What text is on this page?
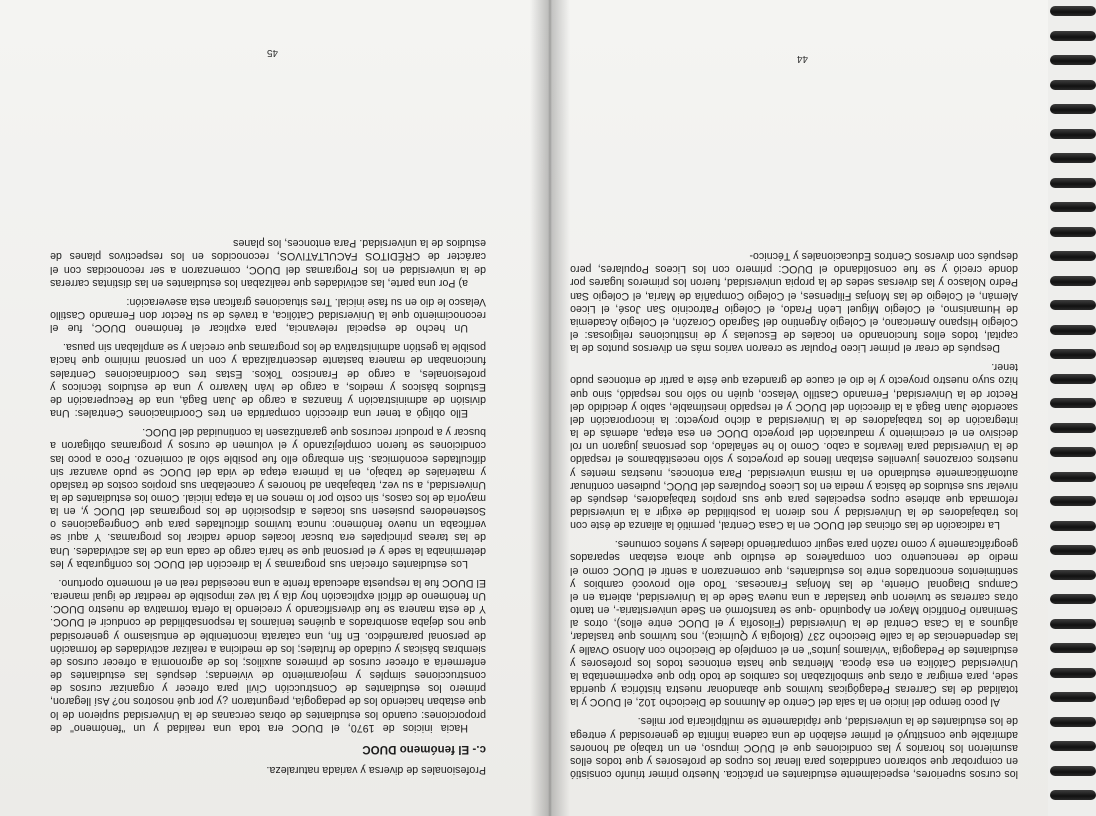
Profesionales de diversa y variada naturaleza.

c.- El fenómeno DUOC

Hacia inicios de 1970, el DUOC era toda una realidad y un "fenómeno" de proporciones: cuando los estudiantes de obras cercanas de la Universidad supieron de lo que estaban haciendo los de pedagogía, preguntaron ¿y por qué nosotros no? Así llegaron, primero los estudiantes de Construcción Civil para ofrecer y organizar cursos de construcciones simples y mejoramiento de viviendas; después las estudiantes de enfermería a ofrecer cursos de primeros auxilios; los de agronomía a ofrecer cursos de siembras básicas y cuidado de frutales; los de medicina a realizar actividades de formación de personal paramédico. En fin, una catarata incontenible de entusiasmo y generosidad que nos dejaba asombrados a quiénes teníamos la responsabilidad de conducir el DUOC. Y de esta manera se fue diversificando y creciendo la oferta formativa de nuestro DUOC. Un fenómeno de difícil explicación hoy día y tal vez imposible de reeditar de igual manera. El DUOC fue la respuesta adecuada frente a una necesidad real en el momento oportuno.

Los estudiantes ofrecían sus programas y la dirección del DUOC los configuraba y les determinaba la sede y el personal que se haría cargo de cada una de las actividades. Una de las tareas principales era buscar locales donde radicar los programas. Y aquí se verificaba un nuevo fenómeno: nunca tuvimos dificultades para que Congregaciones o Sostenedores pusiesen sus locales a disposición de los programas del DUOC y, en la mayoría de los casos, sin costo por lo menos en la etapa inicial. Como los estudiantes de la Universidad, a su vez, trabajaban ad honores y cancelaban sus propios costos de traslado y materiales de trabajo, en la primera etapa de vida del DUOC se pudo avanzar sin dificultades económicas. Sin embargo ello fue posible sólo al comienzo. Poco a poco las condiciones se fueron complejizando y el volumen de cursos y programas obligaron a buscar y a producir recursos que garantizasen la continuidad del DUOC.

Ello obligó a tener una dirección compartida en tres Coordinaciones Centrales: Una división de administración y finanzas a cargo de Juan Bagá, una de Recuperación de Estudios básicos y medios, a cargo de Iván Navarro y una de estudios técnicos y profesionales, a cargo de Francisco Tokos. Estas tres Coordinaciones Centrales funcionaban de manera bastante descentralizada y con un personal mínimo que hacía posible la gestión administrativa de los programas que crecían y se ampliaban sin pausa.

Un hecho de especial relevancia, para explicar el fenómeno DUOC, fue el reconocimiento que la Universidad Católica, a través de su Rector don Fernando Castillo Velasco le dio en su fase inicial. Tres situaciones grafican esta aseveración:

a) Por una parte, las actividades que realizaban los estudiantes en las distintas carreras de la universidad en los Programas del DUOC, comenzaron a ser reconocidas con el carácter de CRÉDITOS FACULTATIVOS, reconocidos en los respectivos planes de estudios de la universidad. Para entonces, los planes

45

los cursos superiores, especialmente estudiantes en práctica. Nuestro primer triunfo consistió en comprobar que sobraron candidatos para llenar los cupos de profesores y que todos ellos asumieron los horarios y las condiciones que el DUOC impuso, en un trabajo ad honores admirable que constituyó el primer eslabón de una cadena infinita de generosidad y entrega de los estudiantes de la universidad, que rápidamente se multiplicaría por miles.

Al poco tiempo del inicio en la sala del Centro de Alumnos de Dieciocho 102, el DUOC y la totalidad de las Carreras Pedagógicas tuvimos que abandonar nuestra histórica y querida sede, para emigrar a otras que simbolizaban los cambios de todo tipo que experimentaba la Universidad Católica en esa época. Mientras que hasta entonces todos los profesores y estudiantes de Pedagogía "vivíamos juntos" en el complejo de Dieciocho con Alonso Ovalle y las dependencias de la calle Dieciocho 237 (Biología y Química), nos tuvimos que trasladar, algunos a la Casa Central de la Universidad (Filosofía y el DUOC entre ellos), otros al Seminario Pontificio Mayor en Apoquindo -que se transformó en Sede universitaria-, en tanto otras carreras se tuvieron que trasladar a una nueva Sede de la Universidad, abierta en el Campus Diagonal Oriente, de las Monjas Francesas. Todo ello provocó cambios y sentimientos encontrados entre los estudiantes, que comenzaron a sentir el DUOC como el medio de reencuentro con compañeros de estudio que ahora estaban separados geográficamente y como razón para seguir compartiendo ideales y sueños comunes.

La radicación de las oficinas del DUOC en la Casa Central, permitió la alianza de éste con los trabajadores de la Universidad y nos dieron la posibilidad de exigir a la universidad reformada que abriese cupos especiales para que sus propios trabajadores, después de nivelar sus estudios de básica y media en los Liceos Populares del DUOC, pudiesen continuar automáticamente estudiando en la misma universidad. Para entonces, nuestras mentes y nuestros corazones juveniles estaban llenos de proyectos y sólo necesitábamos el respaldo de la Universidad para llevarlos a cabo. Como lo he señalado, dos personas jugaron un rol decisivo en el crecimiento y maduración del proyecto DUOC en esa etapa, además de la integración de los trabajadores de la Universidad a dicho proyecto: la incorporación del sacerdote Juan Bagá a la dirección del DUOC y el respaldo inestimable, sabio y decidido del Rector de la Universidad, Fernando Castillo Velasco, quién no sólo nos respaldó, sino que hizo suyo nuestro proyecto y le dio el cauce de grandeza que éste a partir de entonces pudo tener.

Después de crear el primer Liceo Popular se crearon varios más en diversos puntos de la capital, todos ellos funcionando en locales de Escuelas y de instituciones religiosas: el Colegio Hispano Americano, el Colegio Argentino del Sagrado Corazón, el Colegio Academia de Humanismo, el Colegio Miguel León Prado, el Colegio Patrocinio San José, el Liceo Alemán, el Colegio de las Monjas Filipenses, el Colegio Compañía de María, el Colegio San Pedro Nolasco y las diversas sedes de la propia universidad, fueron los primeros lugares por donde creció y se fue consolidando el DUOC: primero con los Liceos Populares, pero después con diversos Centros Educacionales y Técnico-

44
